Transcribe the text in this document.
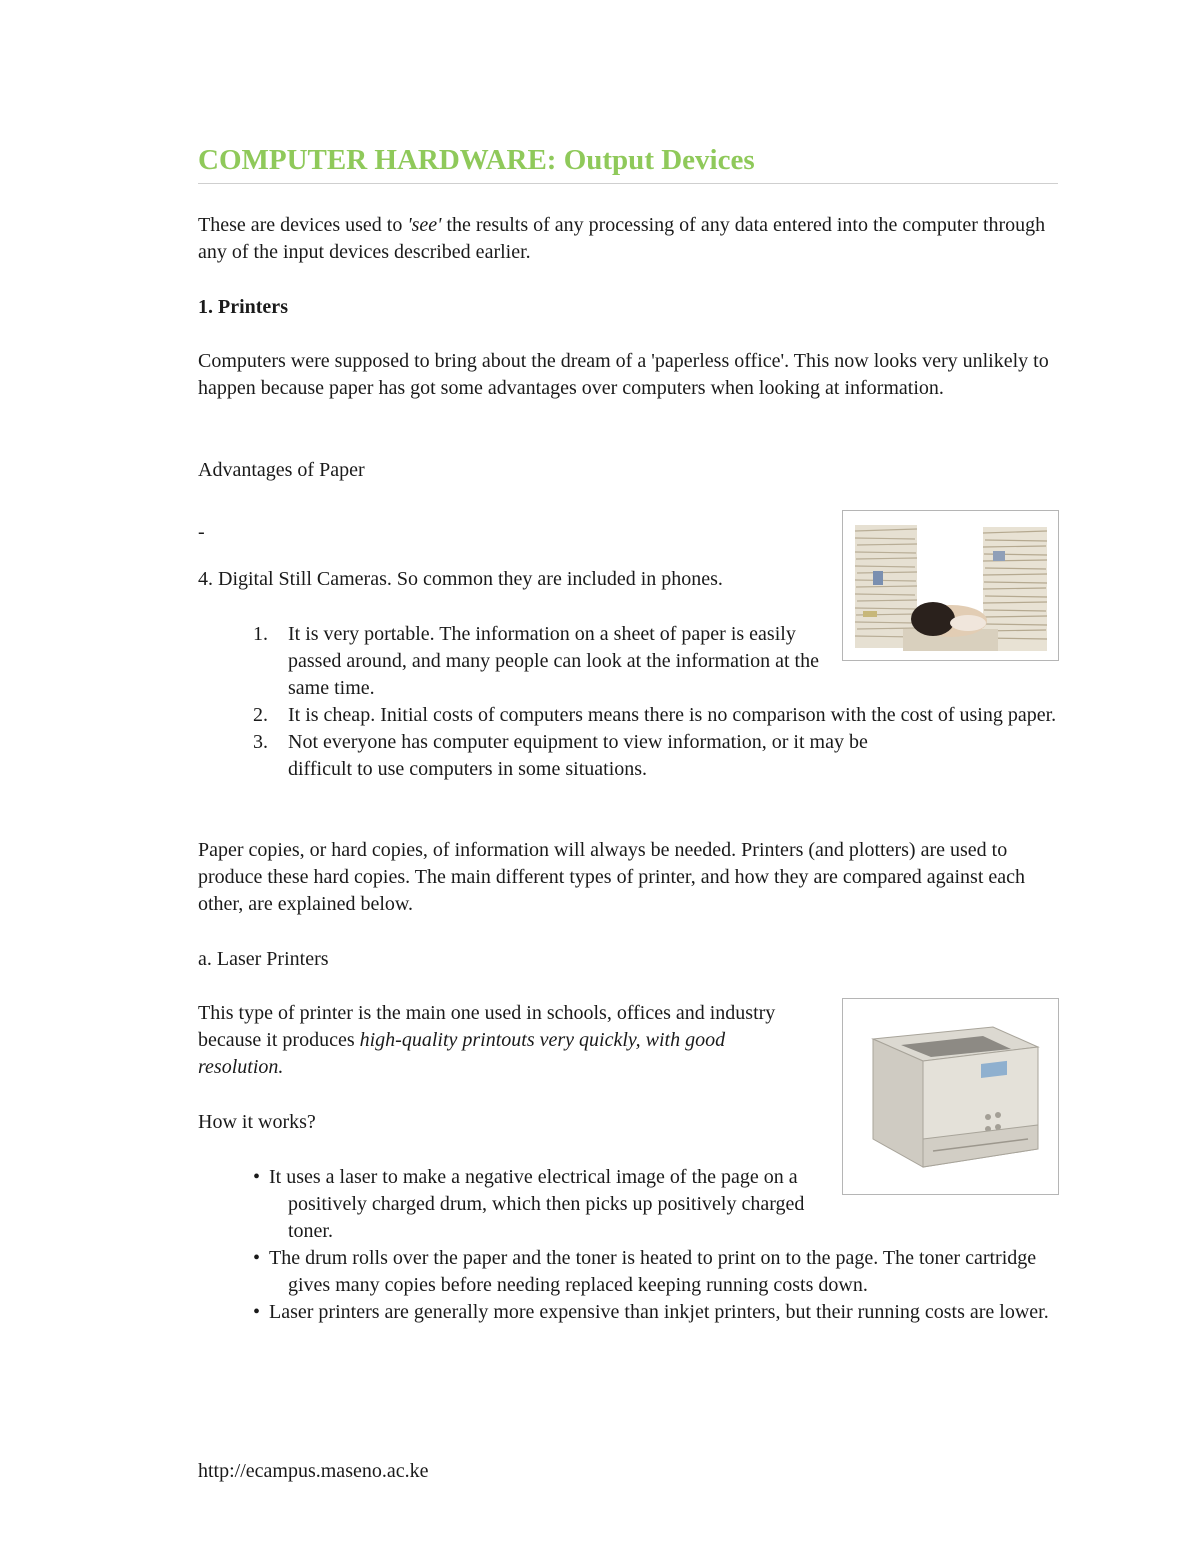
COMPUTER HARDWARE: Output Devices

These are devices used to 'see' the results of any processing of any data entered into the computer through any of the input devices described earlier.

1. Printers

Computers were supposed to bring about the dream of a 'paperless office'. This now looks very unlikely to happen because paper has got some advantages over computers when looking at information.

Advantages of Paper

-

4. Digital Still Cameras. So common they are included in phones.

1. It is very portable. The information on a sheet of paper is easily passed around, and many people can look at the information at the same time.
2. It is cheap. Initial costs of computers means there is no comparison with the cost of using paper.
3. Not everyone has computer equipment to view information, or it may be difficult to use computers in some situations.

Paper copies, or hard copies, of information will always be needed. Printers (and plotters) are used to produce these hard copies. The main different types of printer, and how they are compared against each other, are explained below.

a. Laser Printers

This type of printer is the main one used in schools, offices and industry because it produces high-quality printouts very quickly, with good resolution.

How it works?

• It uses a laser to make a negative electrical image of the page on a positively charged drum, which then picks up positively charged toner.
• The drum rolls over the paper and the toner is heated to print on to the page. The toner cartridge gives many copies before needing replaced keeping running costs down.
• Laser printers are generally more expensive than inkjet printers, but their running costs are lower.

http://ecampus.maseno.ac.ke
